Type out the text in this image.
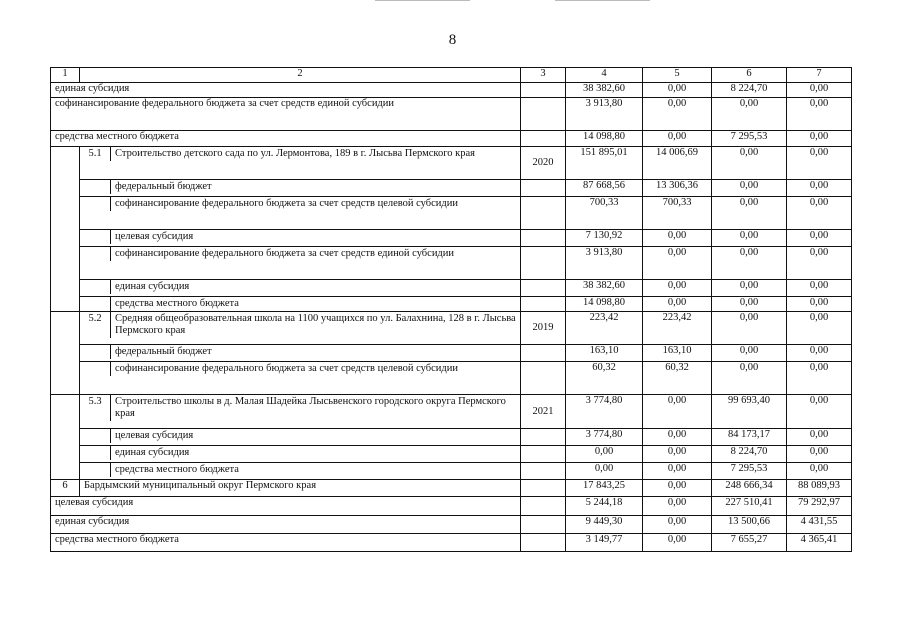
8
1	2	3	4	5	6	7
единая субсидия			38 382,60	0,00	8 224,70	0,00
софинансирование федерального бюджета за счет средств единой субсидии			3 913,80	0,00	0,00	0,00
средства местного бюджета			14 098,80	0,00	7 295,53	0,00

	5.1 Строительство детского сада по ул. Лермонтова, 189 в г. Лысьва Пермского края	2020	151 895,01	14 006,69	0,00	0,00

	федеральный бюджет		87 668,56	13 306,36	0,00	0,00

	софинансирование федерального бюджета за счет средств целевой субсидии		700,33	700,33	0,00	0,00

	целевая субсидия		7 130,92	0,00	0,00	0,00

	софинансирование федерального бюджета за счет средств единой субсидии		3 913,80	0,00	0,00	0,00

	единая субсидия		38 382,60	0,00	0,00	0,00

	средства местного бюджета		14 098,80	0,00	0,00	0,00

	5.2 Средняя общеобразовательная школа на 1100 учащихся по ул. Балахнина, 128 в г. Лысьва Пермского края	2019	223,42	223,42	0,00	0,00

	федеральный бюджет		163,10	163,10	0,00	0,00

	софинансирование федерального бюджета за счет средств целевой субсидии		60,32	60,32	0,00	0,00

	5.3 Строительство школы в д. Малая Шадейка Лысьвенского городского округа Пермского края	2021	3 774,80	0,00	99 693,40	0,00

	целевая субсидия		3 774,80	0,00	84 173,17	0,00

	единая субсидия		0,00	0,00	8 224,70	0,00

	средства местного бюджета		0,00	0,00	7 295,53	0,00
6	Бардымский муниципальный округ Пермского края		17 843,25	0,00	248 666,34	88 089,93
целевая субсидия			5 244,18	0,00	227 510,41	79 292,97
единая субсидия			9 449,30	0,00	13 500,66	4 431,55
средства местного бюджета			3 149,77	0,00	7 655,27	4 365,41
